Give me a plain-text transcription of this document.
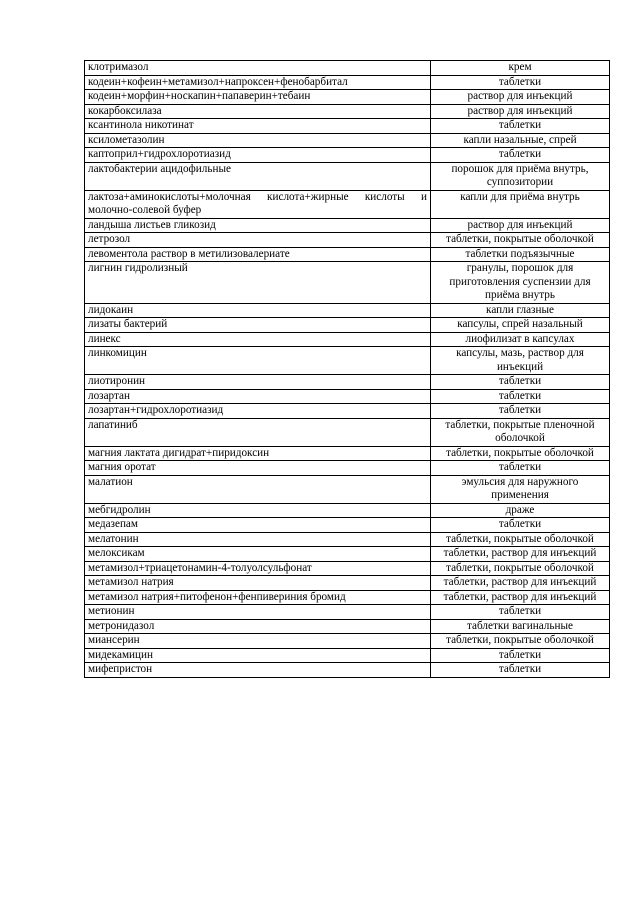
клотримазол	крем
кодеин+кофеин+метамизол+напроксен+фенобарбитал	таблетки
кодеин+морфин+носкапин+папаверин+тебаин	раствор для инъекций
кокарбоксилаза	раствор для инъекций
ксантинола никотинат	таблетки
ксилометазолин	капли назальные, спрей
каптоприл+гидрохлоротиазид	таблетки
лактобактерии ацидофильные	порошок для приёма внутрь, суппозитории
лактоза+аминокислоты+молочная кислота+жирные кислоты и молочно-солевой буфер	капли для приёма внутрь
ландыша листьев гликозид	раствор для инъекций
летрозол	таблетки, покрытые оболочкой
левоментола раствор в метилизовалериате	таблетки подъязычные
лигнин гидролизный	гранулы, порошок для приготовления суспензии для приёма внутрь
лидокаин	капли глазные
лизаты бактерий	капсулы, спрей назальный
линекс	лиофилизат в капсулах
линкомицин	капсулы, мазь, раствор для инъекций
лиотиронин	таблетки
лозартан	таблетки
лозартан+гидрохлоротиазид	таблетки
лапатиниб	таблетки, покрытые пленочной оболочкой
магния лактата дигидрат+пиридоксин	таблетки, покрытые оболочкой
магния оротат	таблетки
малатион	эмульсия для наружного применения
мебгидролин	драже
медазепам	таблетки
мелатонин	таблетки, покрытые оболочкой
мелоксикам	таблетки, раствор для инъекций
метамизол+триацетонамин-4-толуолсульфонат	таблетки, покрытые оболочкой
метамизол натрия	таблетки, раствор для инъекций
метамизол натрия+питофенон+фенпивериния бромид	таблетки, раствор для инъекций
метионин	таблетки
метронидазол	таблетки вагинальные
миансерин	таблетки, покрытые оболочкой
мидекамицин	таблетки
мифепристон	таблетки
